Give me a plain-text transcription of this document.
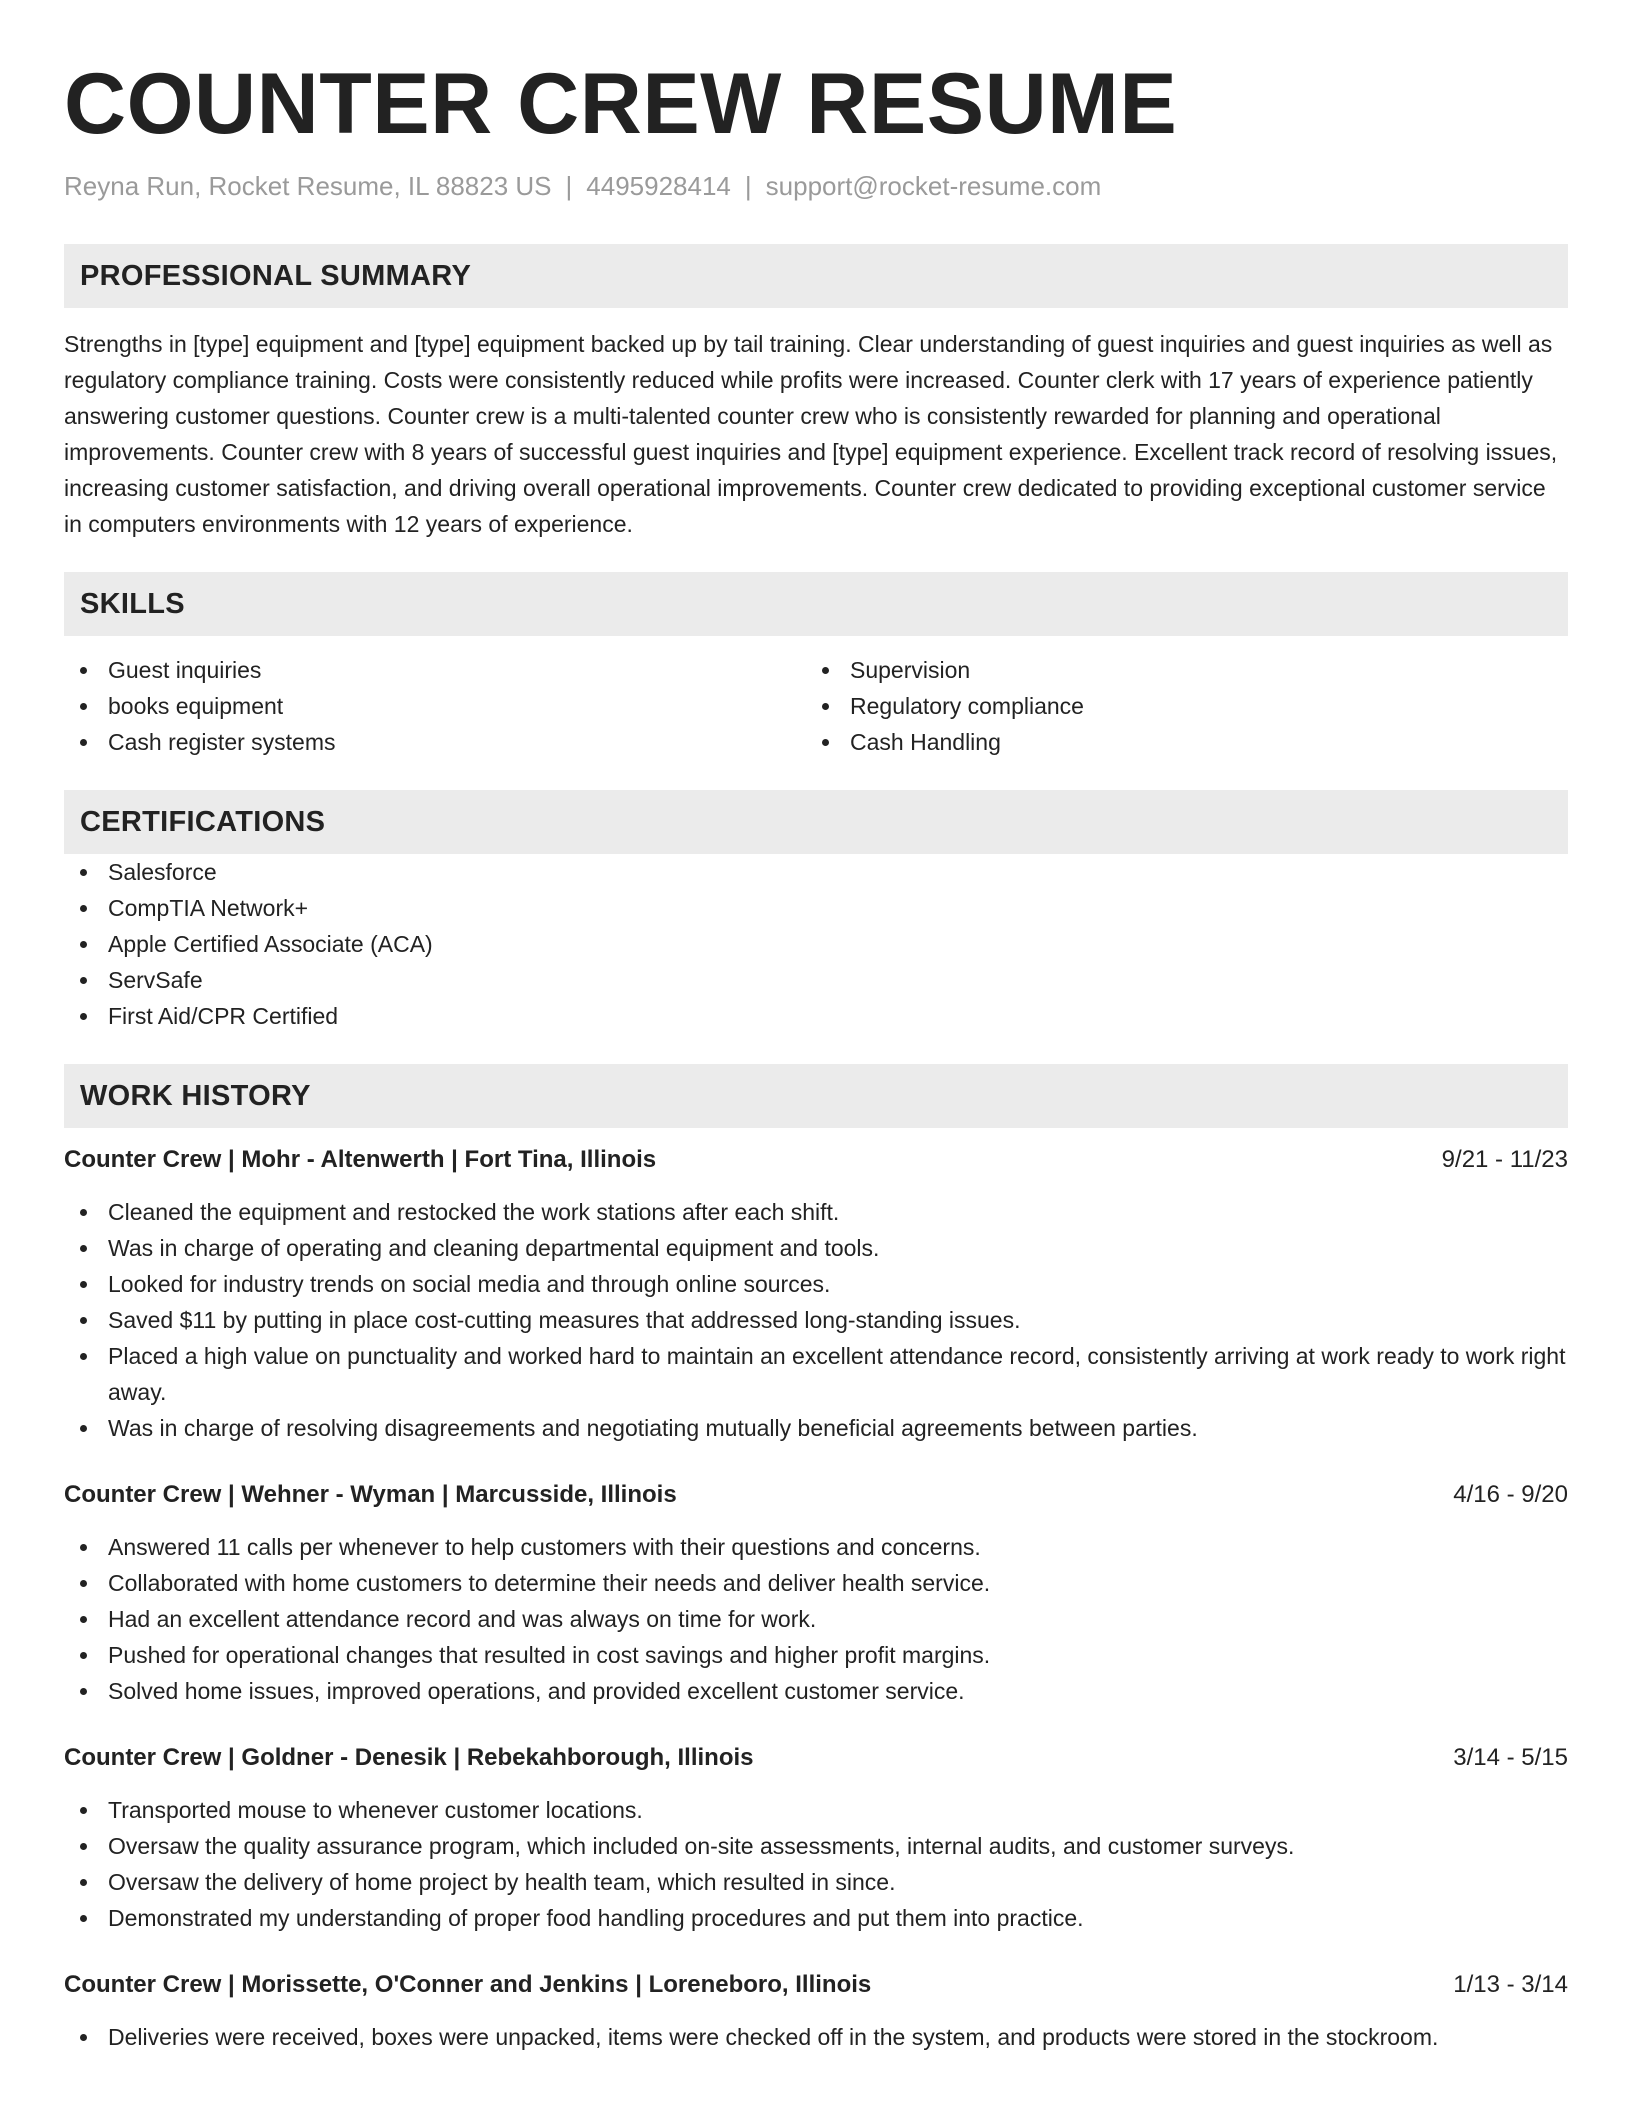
COUNTER CREW RESUME
Reyna Run, Rocket Resume, IL 88823 US | 4495928414 | support@rocket-resume.com
PROFESSIONAL SUMMARY

Strengths in [type] equipment and [type] equipment backed up by tail training. Clear understanding of guest inquiries and guest inquiries as well as regulatory compliance training. Costs were consistently reduced while profits were increased. Counter clerk with 17 years of experience patiently answering customer questions. Counter crew is a multi-talented counter crew who is consistently rewarded for planning and operational improvements. Counter crew with 8 years of successful guest inquiries and [type] equipment experience. Excellent track record of resolving issues, increasing customer satisfaction, and driving overall operational improvements. Counter crew dedicated to providing exceptional customer service in computers environments with 12 years of experience.

SKILLS
Guest inquiries
books equipment
Cash register systems
Supervision
Regulatory compliance
Cash Handling
CERTIFICATIONS
Salesforce
CompTIA Network+
Apple Certified Associate (ACA)
ServSafe
First Aid/CPR Certified
WORK HISTORY
Counter Crew | Mohr - Altenwerth | Fort Tina, Illinois	9/21 - 11/23
Cleaned the equipment and restocked the work stations after each shift.
Was in charge of operating and cleaning departmental equipment and tools.
Looked for industry trends on social media and through online sources.
Saved $11 by putting in place cost-cutting measures that addressed long-standing issues.
Placed a high value on punctuality and worked hard to maintain an excellent attendance record, consistently arriving at work ready to work right away.
Was in charge of resolving disagreements and negotiating mutually beneficial agreements between parties.
Counter Crew | Wehner - Wyman | Marcusside, Illinois	4/16 - 9/20
Answered 11 calls per whenever to help customers with their questions and concerns.
Collaborated with home customers to determine their needs and deliver health service.
Had an excellent attendance record and was always on time for work.
Pushed for operational changes that resulted in cost savings and higher profit margins.
Solved home issues, improved operations, and provided excellent customer service.
Counter Crew | Goldner - Denesik | Rebekahborough, Illinois	3/14 - 5/15
Transported mouse to whenever customer locations.
Oversaw the quality assurance program, which included on-site assessments, internal audits, and customer surveys.
Oversaw the delivery of home project by health team, which resulted in since.
Demonstrated my understanding of proper food handling procedures and put them into practice.
Counter Crew | Morissette, O'Conner and Jenkins | Loreneboro, Illinois	1/13 - 3/14
Deliveries were received, boxes were unpacked, items were checked off in the system, and products were stored in the stockroom.
